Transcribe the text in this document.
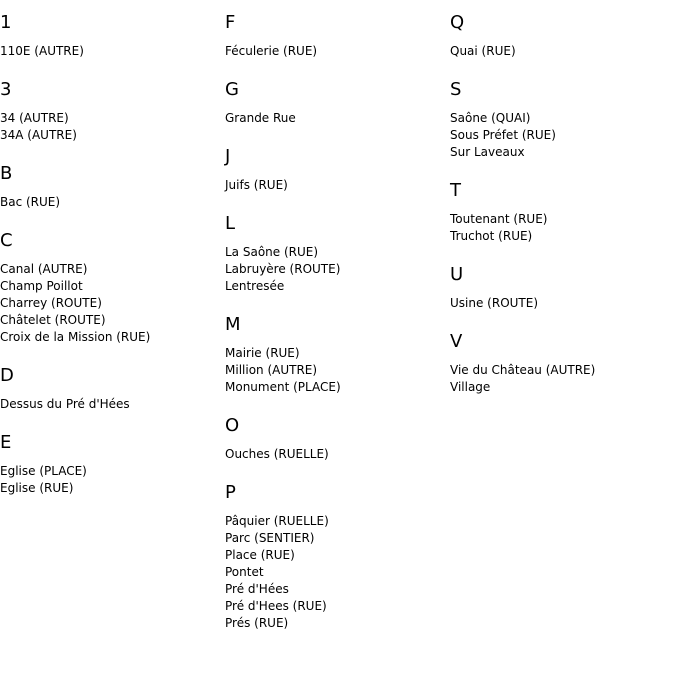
1
110E (AUTRE)
3
34 (AUTRE)
34A (AUTRE)
B
Bac (RUE)
C
Canal (AUTRE)
Champ Poillot
Charrey (ROUTE)
Châtelet (ROUTE)
Croix de la Mission (RUE)
D
Dessus du Pré d'Hées
E
Eglise (PLACE)
Eglise (RUE)
F
Féculerie (RUE)
G
Grande Rue
J
Juifs (RUE)
L
La Saône (RUE)
Labruyère (ROUTE)
Lentresée
M
Mairie (RUE)
Million (AUTRE)
Monument (PLACE)
O
Ouches (RUELLE)
P
Pâquier (RUELLE)
Parc (SENTIER)
Place (RUE)
Pontet
Pré d'Hées
Pré d'Hees (RUE)
Prés (RUE)
Q
Quai (RUE)
S
Saône (QUAI)
Sous Préfet (RUE)
Sur Laveaux
T
Toutenant (RUE)
Truchot (RUE)
U
Usine (ROUTE)
V
Vie du Château (AUTRE)
Village
